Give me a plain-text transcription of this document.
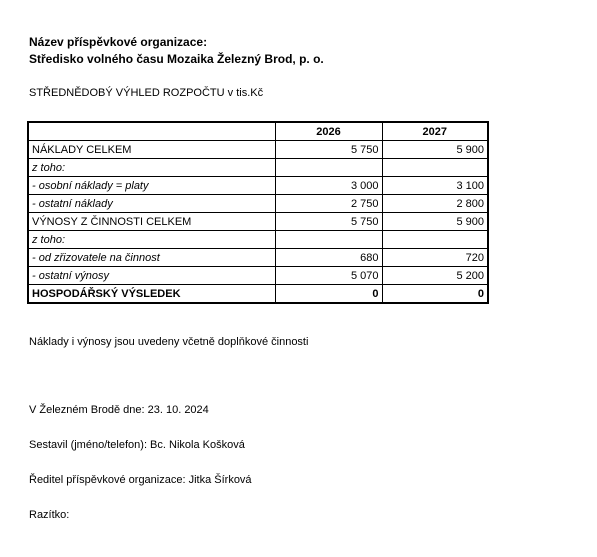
Název příspěvkové organizace:
Středisko volného času Mozaika Železný Brod, p. o.
STŘEDNĚDOBÝ VÝHLED ROZPOČTU v tis.Kč
	2026	2027
NÁKLADY CELKEM	5 750	5 900
z toho:		
- osobní náklady = platy	3 000	3 100
- ostatní náklady	2 750	2 800
VÝNOSY Z ČINNOSTI CELKEM	5 750	5 900
z toho:		
- od zřizovatele na činnost	680	720
- ostatní výnosy	5 070	5 200
HOSPODÁŘSKÝ VÝSLEDEK	0	0
Náklady i výnosy jsou uvedeny včetně doplňkové činnosti
V Železném Brodě dne: 23. 10. 2024
Sestavil (jméno/telefon): Bc. Nikola Košková
Ředitel příspěvkové organizace: Jitka Šírková
Razítko:
